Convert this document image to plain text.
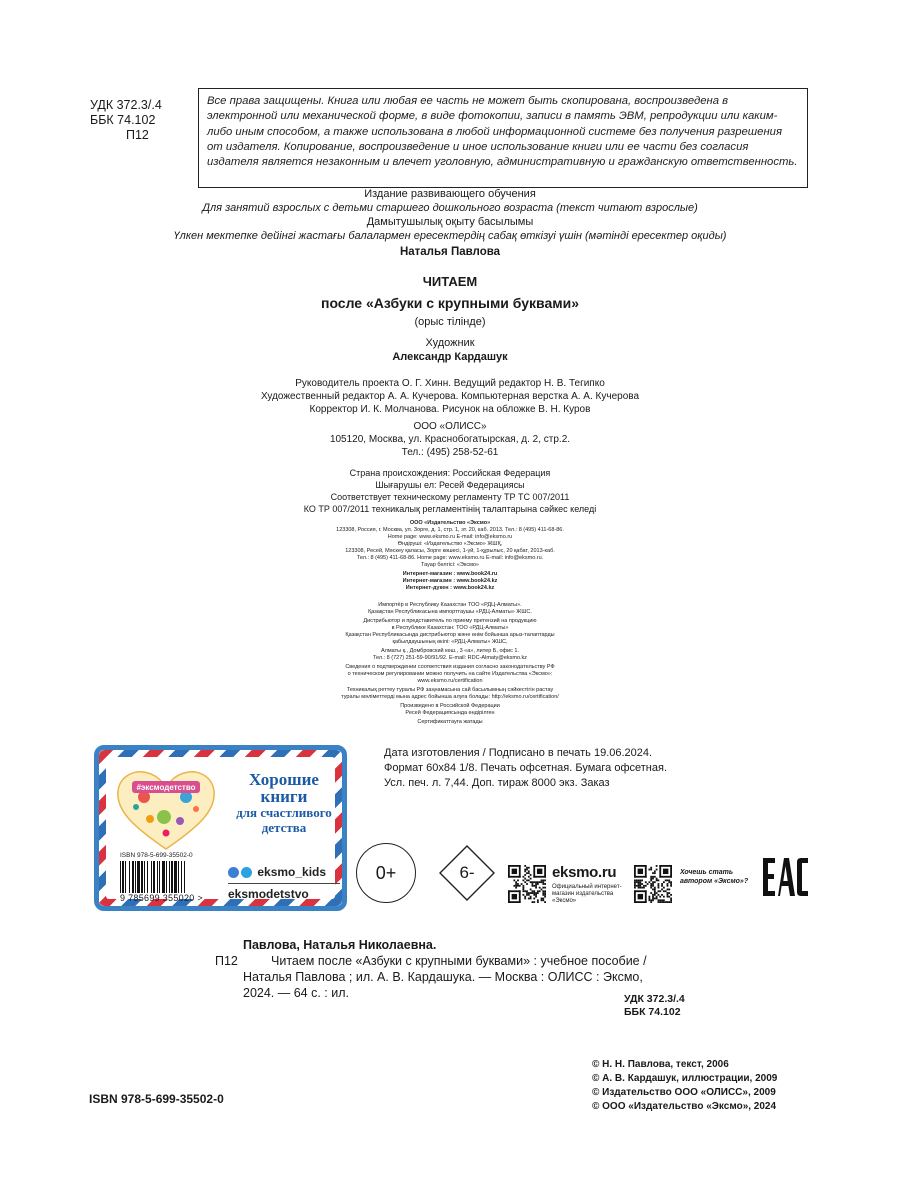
УДК 372.3/.4
ББК 74.102
П12
Все права защищены. Книга или любая ее часть не может быть скопирована, воспроизведена в электронной или механической форме, в виде фотокопии, записи в память ЭВМ, репродукции или каким-либо иным способом, а также использована в любой информационной системе без получения разрешения от издателя. Копирование, воспроизведение и иное использование книги или ее части без согласия издателя является незаконным и влечет уголовную, административную и гражданскую ответственность.
Издание развивающего обучения
Для занятий взрослых с детьми старшего дошкольного возраста (текст читают взрослые)
Дамытушылық оқыту басылымы
Үлкен мектепке дейінгі жастағы балалармен ересектердің сабақ өткізуі үшін (мәтінді ересектер оқиды)
Наталья Павлова
ЧИТАЕМ
после «Азбуки с крупными буквами»
(орыс тілінде)
Художник
Александр Кардашук
Руководитель проекта О. Г. Хинн. Ведущий редактор Н. В. Тегипко
Художественный редактор А. А. Кучерова. Компьютерная верстка А. А. Кучерова
Корректор И. К. Молчанова. Рисунок на обложке В. Н. Куров
ООО «ОЛИСС»
105120, Москва, ул. Краснобогатырская, д. 2, стр.2.
Тел.: (495) 258-52-61
Страна происхождения: Российская Федерация
Шығарушы ел: Ресей Федерациясы
Соответствует техническому регламенту ТР ТС 007/2011
КО ТР 007/2011 техникалық регламентінің талаптарына сәйкес келеді
ООО «Издательство «Эксмо»
123308, Россия, г. Москва, ул. Зорге, д. 1, стр. 1, эт. 20, каб. 2013. Тел.: 8 (495) 411-68-86.
Home page: www.eksmo.ru E-mail: info@eksmo.ru
Өндіруші: «Издательство «Эксмо» ЖШҚ,
123308, Ресей, Мәскеу қаласы, Зорге көшесі, 1-үй, 1-құрылыс, 20 қабат, 2013-каб.
Тел.: 8 (495) 411-68-86. Home page: www.eksmo.ru E-mail: info@eksmo.ru.
Тауар белгісі: «Эксмо»
Интернет-магазин : www.book24.ru
Интернет-магазин : www.book24.kz
Интернет-дүкен : www.book24.kz
Импортёр в Республику Казахстан ТОО «РДЦ-Алматы».
Қазақстан Республикасына импорттаушы «РДЦ-Алматы» ЖШС.
Дистрибьютор и представитель по приему претензий на продукцию
в Республике Казахстан: ТОО «РДЦ-Алматы»
Қазақстан Республикасында дистрибьютор және өнім бойынша арыз-талаптарды
қабылдаушының өкілі: «РДЦ-Алматы» ЖШС,
Алматы қ., Домбровский көш., 3 «а», литер Б, офис 1.
Тел.: 8 (727) 251-59-90/91/92. E-mail: RDC-Almaty@eksmo.kz
Сведения о подтверждении соответствия издания согласно законодательству РФ
о техническом регулировании можно получить на сайте Издательства «Эксмо»:
www.eksmo.ru/certification
Техникалық реттеу туралы РФ заңнамасына сай басылымның сәйкестігін растау
туралы мәліметтерді мына адрес бойынша алуға болады: http://eksmo.ru/certification/
Произведено в Российской Федерации
Ресей Федерациясында өндірілген
Сертификаттауға жатады
#эксмодетство	Хорошие
книги
для счастливого
детства
ISBN 978-5-699-35502-0
9 785699 355020 >
eksmo_kids
eksmodetstvo
Дата изготовления / Подписано в печать 19.06.2024.
Формат 60х84 1/8. Печать офсетная. Бумага офсетная.
Усл. печ. л. 7,44. Доп. тираж 8000 экз. Заказ
0+	6-	eksmo.ru
Официальный интернет-магазин издательства «Эксмо»
Хочешь стать автором «Эксмо»?
П12
Павлова, Наталья Николаевна.
Читаем после «Азбуки с крупными буквами» : учебное пособие / Наталья Павлова ; ил. А. В. Кардашука. — Москва : ОЛИСС : Эксмо, 2024. — 64 с. : ил.	УДК 372.3/.4
ББК 74.102
ISBN 978-5-699-35502-0
© Н. Н. Павлова, текст, 2006
© А. В. Кардашук, иллюстрации, 2009
© Издательство ООО «ОЛИСС», 2009
© ООО «Издательство «Эксмо», 2024
